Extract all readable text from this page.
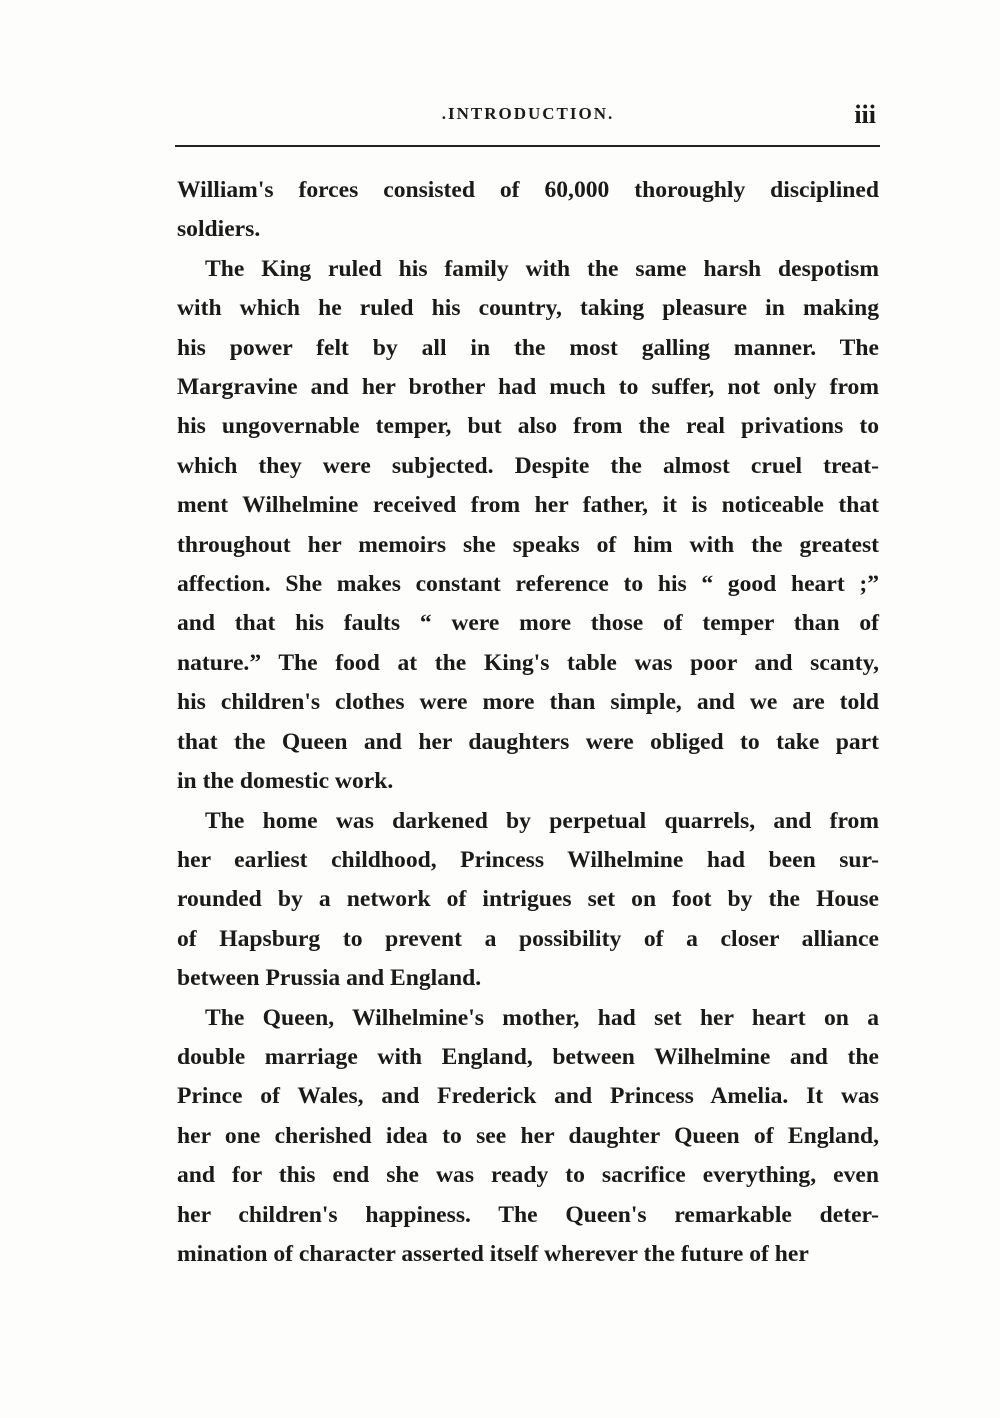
.INTRODUCTION.	iii
William's forces consisted of 60,000 thoroughly disciplined
soldiers.
The King ruled his family with the same harsh despotism
with which he ruled his country, taking pleasure in making
his power felt by all in the most galling manner. The
Margravine and her brother had much to suffer, not only from
his ungovernable temper, but also from the real privations to
which they were subjected. Despite the almost cruel treat-
ment Wilhelmine received from her father, it is noticeable that
throughout her memoirs she speaks of him with the greatest
affection. She makes constant reference to his “ good heart ;”
and that his faults “ were more those of temper than of
nature.” The food at the King's table was poor and scanty,
his children's clothes were more than simple, and we are told
that the Queen and her daughters were obliged to take part
in the domestic work.
The home was darkened by perpetual quarrels, and from
her earliest childhood, Princess Wilhelmine had been sur-
rounded by a network of intrigues set on foot by the House
of Hapsburg to prevent a possibility of a closer alliance
between Prussia and England.
The Queen, Wilhelmine's mother, had set her heart on a
double marriage with England, between Wilhelmine and the
Prince of Wales, and Frederick and Princess Amelia. It was
her one cherished idea to see her daughter Queen of England,
and for this end she was ready to sacrifice everything, even
her children's happiness. The Queen's remarkable deter-
mination of character asserted itself wherever the future of her
